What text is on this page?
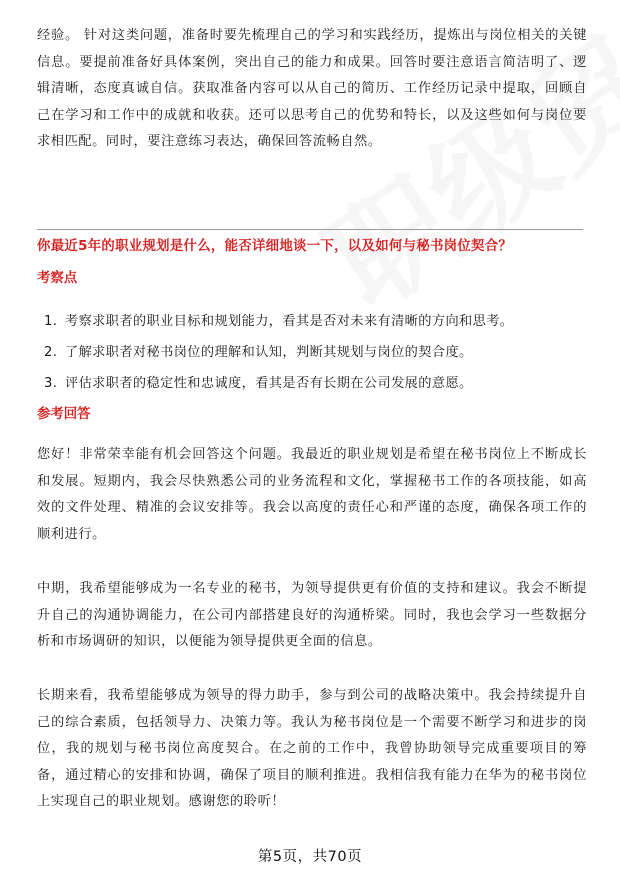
经验。 针对这类问题，准备时要先梳理自己的学习和实践经历，提炼出与岗位相关的关键信息。要提前准备好具体案例，突出自己的能力和成果。回答时要注意语言简洁明了、逻辑清晰，态度真诚自信。获取准备内容可以从自己的简历、工作经历记录中提取，回顾自己在学习和工作中的成就和收获。还可以思考自己的优势和特长，以及这些如何与岗位要求相匹配。同时，要注意练习表达，确保回答流畅自然。

你最近5年的职业规划是什么，能否详细地谈一下，以及如何与秘书岗位契合？

考察点

1. 考察求职者的职业目标和规划能力，看其是否对未来有清晰的方向和思考。
2. 了解求职者对秘书岗位的理解和认知，判断其规划与岗位的契合度。
3. 评估求职者的稳定性和忠诚度，看其是否有长期在公司发展的意愿。

参考回答

您好！非常荣幸能有机会回答这个问题。我最近的职业规划是希望在秘书岗位上不断成长和发展。短期内，我会尽快熟悉公司的业务流程和文化，掌握秘书工作的各项技能，如高效的文件处理、精准的会议安排等。我会以高度的责任心和严谨的态度，确保各项工作的顺利进行。

中期，我希望能够成为一名专业的秘书，为领导提供更有价值的支持和建议。我会不断提升自己的沟通协调能力，在公司内部搭建良好的沟通桥梁。同时，我也会学习一些数据分析和市场调研的知识，以便能为领导提供更全面的信息。

长期来看，我希望能够成为领导的得力助手，参与到公司的战略决策中。我会持续提升自己的综合素质，包括领导力、决策力等。我认为秘书岗位是一个需要不断学习和进步的岗位，我的规划与秘书岗位高度契合。在之前的工作中，我曾协助领导完成重要项目的筹备，通过精心的安排和协调，确保了项目的顺利推进。我相信我有能力在华为的秘书岗位上实现自己的职业规划。感谢您的聆听！

第5页，共70页
